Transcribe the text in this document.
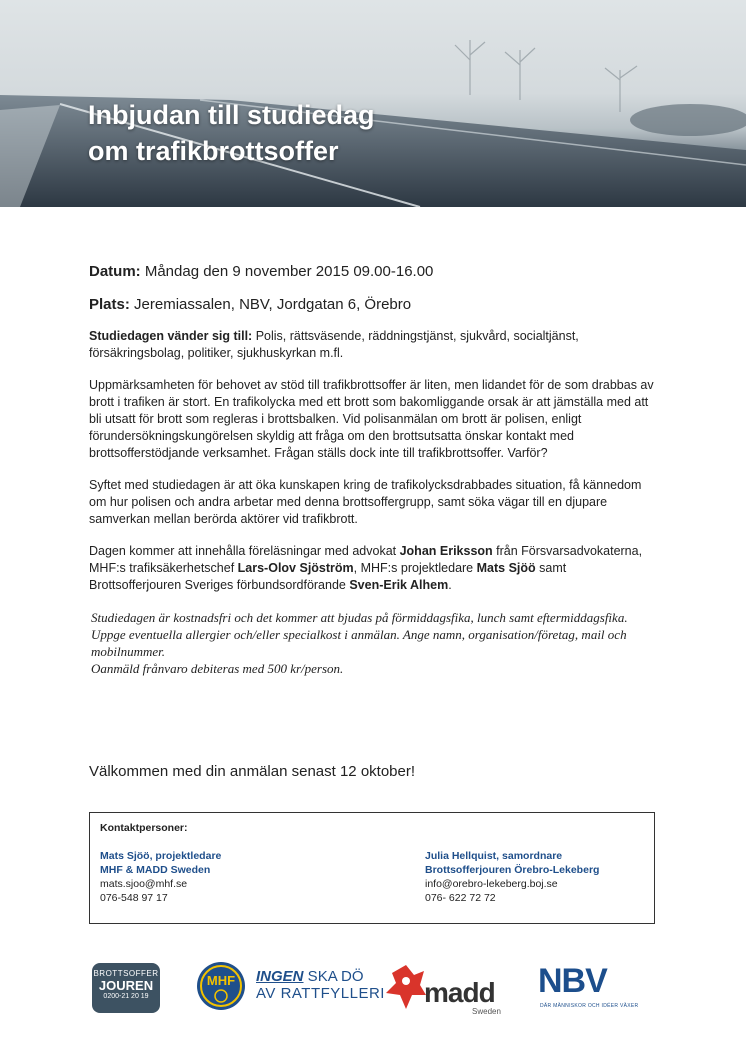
Inbjudan till studiedag
om trafikbrottsoffer

Datum: Måndag den 9 november 2015 09.00-16.00

Plats: Jeremiassalen, NBV, Jordgatan 6, Örebro

Studiedagen vänder sig till: Polis, rättsväsende, räddningstjänst, sjukvård, socialtjänst, försäkringsbolag, politiker, sjukhuskyrkan m.fl.

Uppmärksamheten för behovet av stöd till trafikbrottsoffer är liten, men lidandet för de som drabbas av brott i trafiken är stort. En trafikolycka med ett brott som bakomliggande orsak är att jämställa med att bli utsatt för brott som regleras i brottsbalken. Vid polisanmälan om brott är polisen, enligt förundersökningskungörelsen skyldig att fråga om den brottsutsatta önskar kontakt med brottsofferstödjande verksamhet. Frågan ställs dock inte till trafikbrottsoffer. Varför?

Syftet med studiedagen är att öka kunskapen kring de trafikolycksdrabbades situation, få kännedom om hur polisen och andra arbetar med denna brottsoffergrupp, samt söka vägar till en djupare samverkan mellan berörda aktörer vid trafikbrott.

Dagen kommer att innehålla föreläsningar med advokat Johan Eriksson från Försvarsadvokaterna, MHF:s trafiksäkerhetschef Lars-Olov Sjöström, MHF:s projektledare Mats Sjöö samt Brottsofferjouren Sveriges förbundsordförande Sven-Erik Alhem.

Studiedagen är kostnadsfri och det kommer att bjudas på förmiddagsfika, lunch samt eftermiddagsfika. Uppge eventuella allergier och/eller specialkost i anmälan. Ange namn, organisation/företag, mail och mobilnummer.
Oanmäld frånvaro debiteras med 500 kr/person.

Välkommen med din anmälan senast 12 oktober!

Kontaktpersoner:
Mats Sjöö, projektledare
MHF & MADD Sweden
mats.sjoo@mhf.se
076-548 97 17
Julia Hellquist, samordnare
Brottsofferjouren Örebro-Lekeberg
info@orebro-lekeberg.boj.se
076- 622 72 72
BROTTSOFFER
JOUREN
0200-21 20 19
MHF INGEN SKA DÖ
AV RATTFYLLERI madd
Sweden
NBV
DÄR MÄNNISKOR OCH IDÉER VÄXER
